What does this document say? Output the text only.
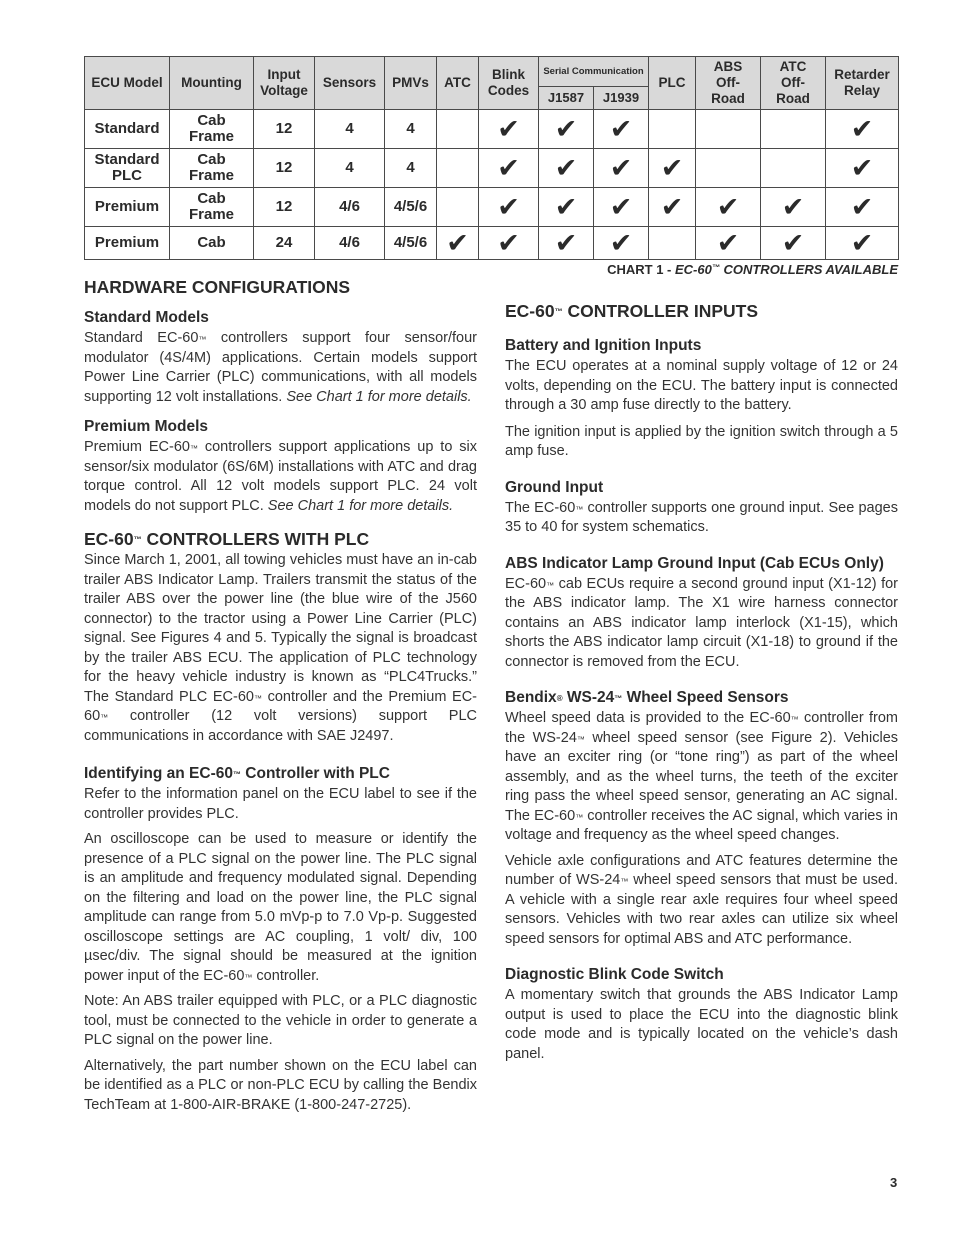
ECU Model	Mounting	Input Voltage	Sensors	PMVs	ATC	Blink Codes	Serial Communication		PLC	ABS Off-Road	ATC Off-Road	Retarder Relay
							J1587	J1939				
Standard	Cab Frame	12	4	4		✔	✔	✔				✔

Standard PLC	Cab Frame	12	4	4		✔	✔	✔	✔			✔
Premium	Cab Frame	12	4/6	4/5/6		✔	✔	✔	✔	✔	✔	✔
Premium	Cab	24	4/6	4/5/6	✔	✔	✔	✔		✔	✔	✔
CHART 1 - EC-60™ CONTROLLERS AVAILABLE
HARDWARE CONFIGURATIONS
Standard Models

Standard EC-60™ controllers support four sensor/four modulator (4S/4M) applications. Certain models support Power Line Carrier (PLC) communications, with all models supporting 12 volt installations. See Chart 1 for more details.

Premium Models

Premium EC-60™ controllers support applications up to six sensor/six modulator (6S/6M) installations with ATC and drag torque control. All 12 volt models support PLC. 24 volt models do not support PLC. See Chart 1 for more details.

EC-60™ CONTROLLERS WITH PLC

Since March 1, 2001, all towing vehicles must have an in-cab trailer ABS Indicator Lamp. Trailers transmit the status of the trailer ABS over the power line (the blue wire of the J560 connector) to the tractor using a Power Line Carrier (PLC) signal. See Figures 4 and 5. Typically the signal is broadcast by the trailer ABS ECU. The application of PLC technology for the heavy vehicle industry is known as “PLC4Trucks.” The Standard PLC EC-60™ controller and the Premium EC-60™ controller (12 volt versions) support PLC communications in accordance with SAE J2497.

Identifying an EC-60™ Controller with PLC

Refer to the information panel on the ECU label to see if the controller provides PLC.

An oscilloscope can be used to measure or identify the presence of a PLC signal on the power line. The PLC signal is an amplitude and frequency modulated signal. Depending on the filtering and load on the power line, the PLC signal amplitude can range from 5.0 mVp-p to 7.0 Vp-p. Suggested oscilloscope settings are AC coupling, 1 volt/ div, 100 µsec/div. The signal should be measured at the ignition power input of the EC-60™ controller.

Note: An ABS trailer equipped with PLC, or a PLC diagnostic tool, must be connected to the vehicle in order to generate a PLC signal on the power line.

Alternatively, the part number shown on the ECU label can be identified as a PLC or non-PLC ECU by calling the Bendix TechTeam at 1-800-AIR-BRAKE (1-800-247-2725).

EC-60™ CONTROLLER INPUTS
Battery and Ignition Inputs

The ECU operates at a nominal supply voltage of 12 or 24 volts, depending on the ECU. The battery input is connected through a 30 amp fuse directly to the battery.

The ignition input is applied by the ignition switch through a 5 amp fuse.

Ground Input

The EC-60™ controller supports one ground input. See pages 35 to 40 for system schematics.

ABS Indicator Lamp Ground Input (Cab ECUs Only)

EC-60™ cab ECUs require a second ground input (X1-12) for the ABS indicator lamp. The X1 wire harness connector contains an ABS indicator lamp interlock (X1-15), which shorts the ABS indicator lamp circuit (X1-18) to ground if the connector is removed from the ECU.

Bendix® WS-24™ Wheel Speed Sensors

Wheel speed data is provided to the EC-60™ controller from the WS-24™ wheel speed sensor (see Figure 2). Vehicles have an exciter ring (or “tone ring”) as part of the wheel assembly, and as the wheel turns, the teeth of the exciter ring pass the wheel speed sensor, generating an AC signal. The EC-60™ controller receives the AC signal, which varies in voltage and frequency as the wheel speed changes.

Vehicle axle configurations and ATC features determine the number of WS-24™ wheel speed sensors that must be used. A vehicle with a single rear axle requires four wheel speed sensors. Vehicles with two rear axles can utilize six wheel speed sensors for optimal ABS and ATC performance.

Diagnostic Blink Code Switch

A momentary switch that grounds the ABS Indicator Lamp output is used to place the ECU into the diagnostic blink code mode and is typically located on the vehicle’s dash panel.

3
